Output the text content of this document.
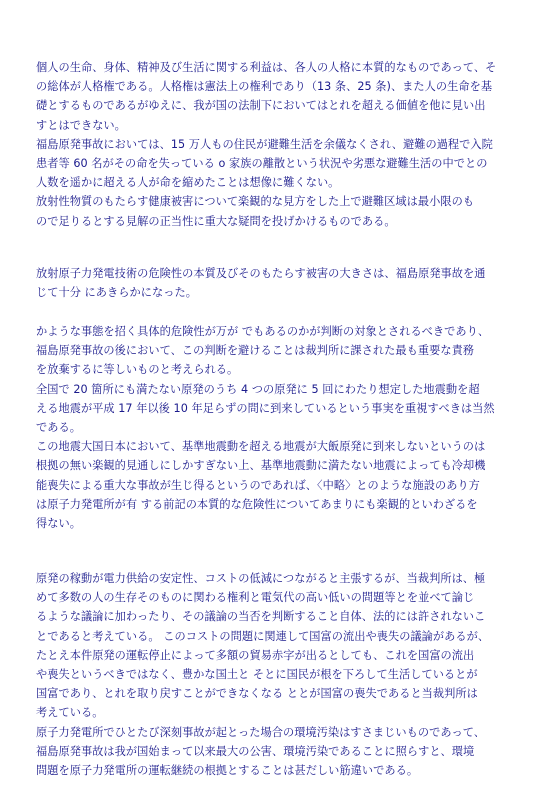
個人の生命、身体、精神及び生活に関する利益は、各人の人格に本質的なものであって、そ
の総体が人格権である。人格権は憲法上の権利であり（13 条、25 条)、また人の生命を基
礎とするものであるがゆえに、我が国の法制下においてはとれを超える価値を他に見い出
すとはできない。
福島原発事故においては、15 万人もの住民が避難生活を余儀なくされ、避難の過程で入院
患者等 60 名がその命を失っている o 家族の離散という状況や劣悪な避難生活の中でとの
人数を遥かに超える人が命を縮めたことは想像に難くない。
放射性物質のもたらす健康被害について楽観的な見方をした上で避難区域は最小限のも
ので足りるとする見解の正当性に重大な疑問を投げかけるものである。
放射原子力発電技術の危険性の本質及びそのもたらす被害の大きさは、福島原発事故を通
じて十分 にあきらかになった。
かような事態を招く具体的危険性が万が でもあるのかが判断の対象とされるべきであり、
福島原発事故の後において、この判断を避けることは裁判所に課された最も重要な責務
を放棄するに等しいものと考えられる。
全国で 20 箇所にも満たない原発のうち 4 つの原発に 5 回にわたり想定した地震動を超
える地震が平成 17 年以後 10 年足らずの問に到来しているという事実を重視すべきは当然
である。
この地震大国日本において、基準地震動を超える地震が大飯原発に到来しないというのは
根拠の無い楽観的見通しにしかすぎない上、基準地震動に満たない地震によっても冷却機
能喪失による重大な事故が生じ得るというのであれば、〈中略〉とのような施設のあり方
は原子力発電所が有 する前記の本質的な危険性についてあまりにも楽観的といわざるを
得ない。
原発の稼動が電力供給の安定性、コストの低減につながると主張するが、当裁判所は、極
めて多数の人の生存そのものに関わる権利と電気代の高い低いの問題等とを並べて論じ
るような議論に加わったり、その議論の当否を判断すること自体、法的には許されないこ
とであると考えている。 このコストの問題に関連して国富の流出や喪失の議論があるが、
たとえ本件原発の運転停止によって多額の貿易赤字が出るとしても、これを国富の流出
や喪失というべきではなく、豊かな国土と そとに国民が根を下ろして生活しているとが
国富であり、とれを取り戻すことができなくなる ととが国富の喪失であると当裁判所は
考えている。
原子力発電所でひとたび深刻事故が起とった場合の環境汚染はすさまじいものであって、
福島原発事故は我が国始まって以来最大の公害、環境汚染であることに照らすと、環境
問題を原子力発電所の運転継続の根拠とすることは甚だしい筋違いである。
